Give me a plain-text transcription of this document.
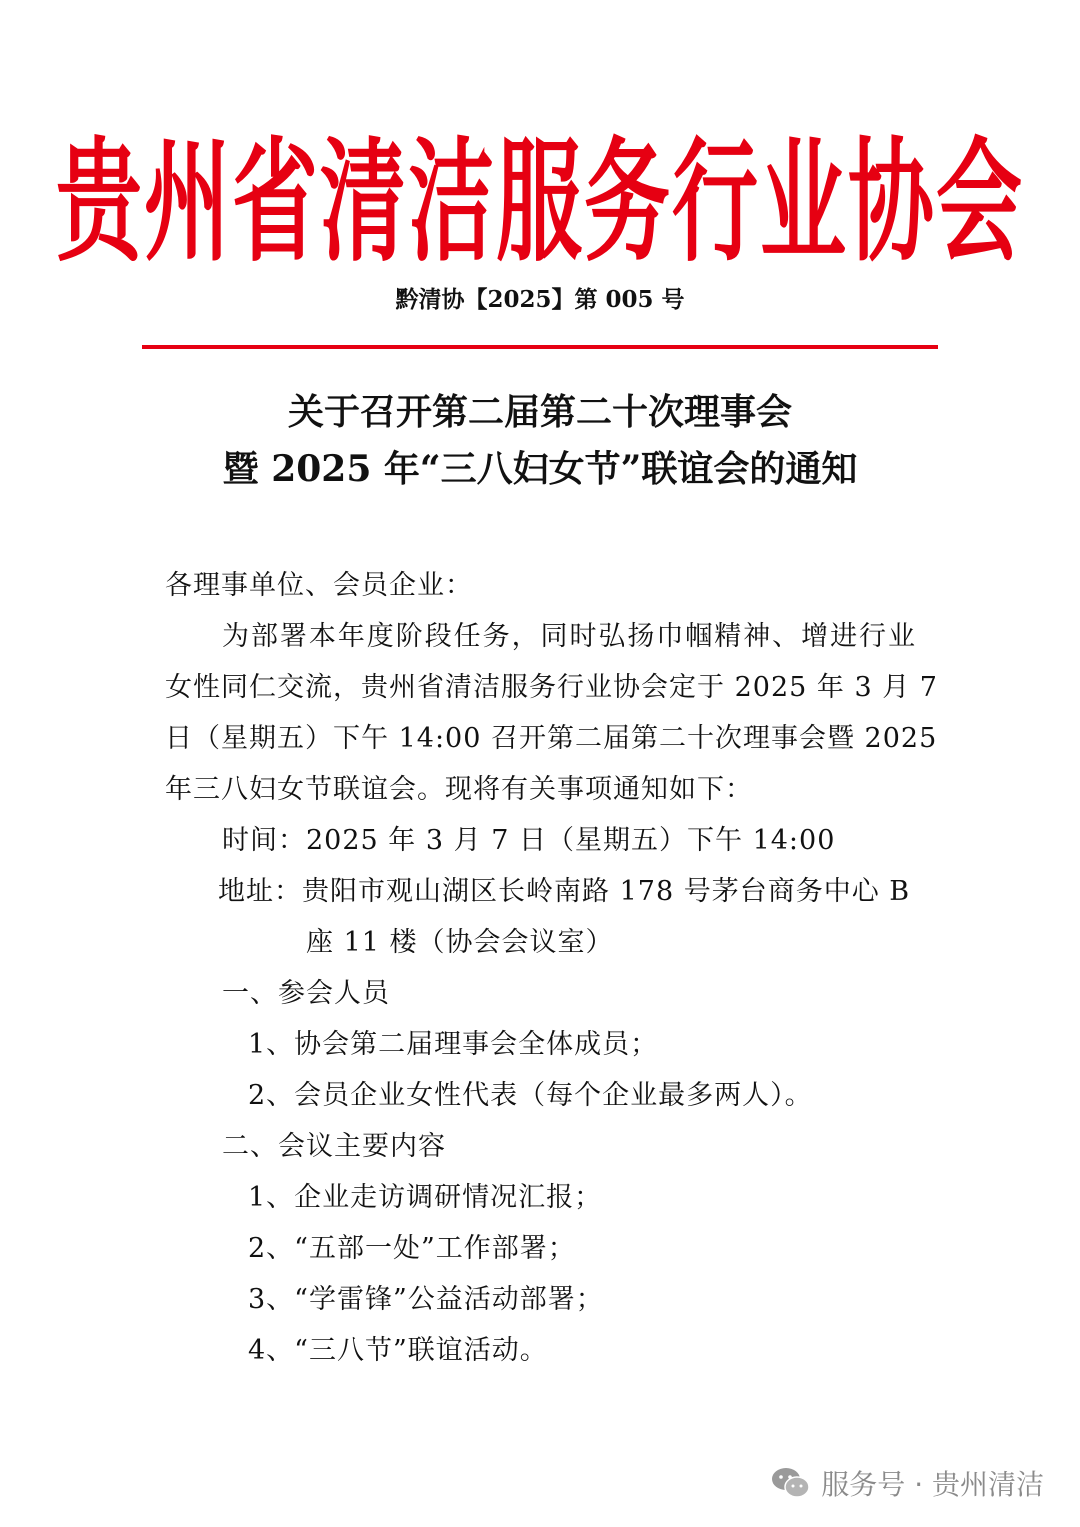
贵州省清洁服务行业协会
黔清协【2025】第 005 号
关于召开第二届第二十次理事会
暨 2025 年“三八妇女节”联谊会的通知
各理事单位、会员企业：
为部署本年度阶段任务，同时弘扬巾帼精神、增进行业
女性同仁交流，贵州省清洁服务行业协会定于 2025 年 3 月 7
日（星期五）下午 14:00 召开第二届第二十次理事会暨 2025
年三八妇女节联谊会。现将有关事项通知如下：
时间：2025 年 3 月 7 日（星期五）下午 14:00
地址：贵阳市观山湖区长岭南路 178 号茅台商务中心 B
座 11 楼（协会会议室）
一、参会人员
1、协会第二届理事会全体成员；
2、会员企业女性代表（每个企业最多两人）。
二、会议主要内容
1、企业走访调研情况汇报；
2、“五部一处”工作部署；
3、“学雷锋”公益活动部署；
4、“三八节”联谊活动。
服务号 · 贵州清洁
